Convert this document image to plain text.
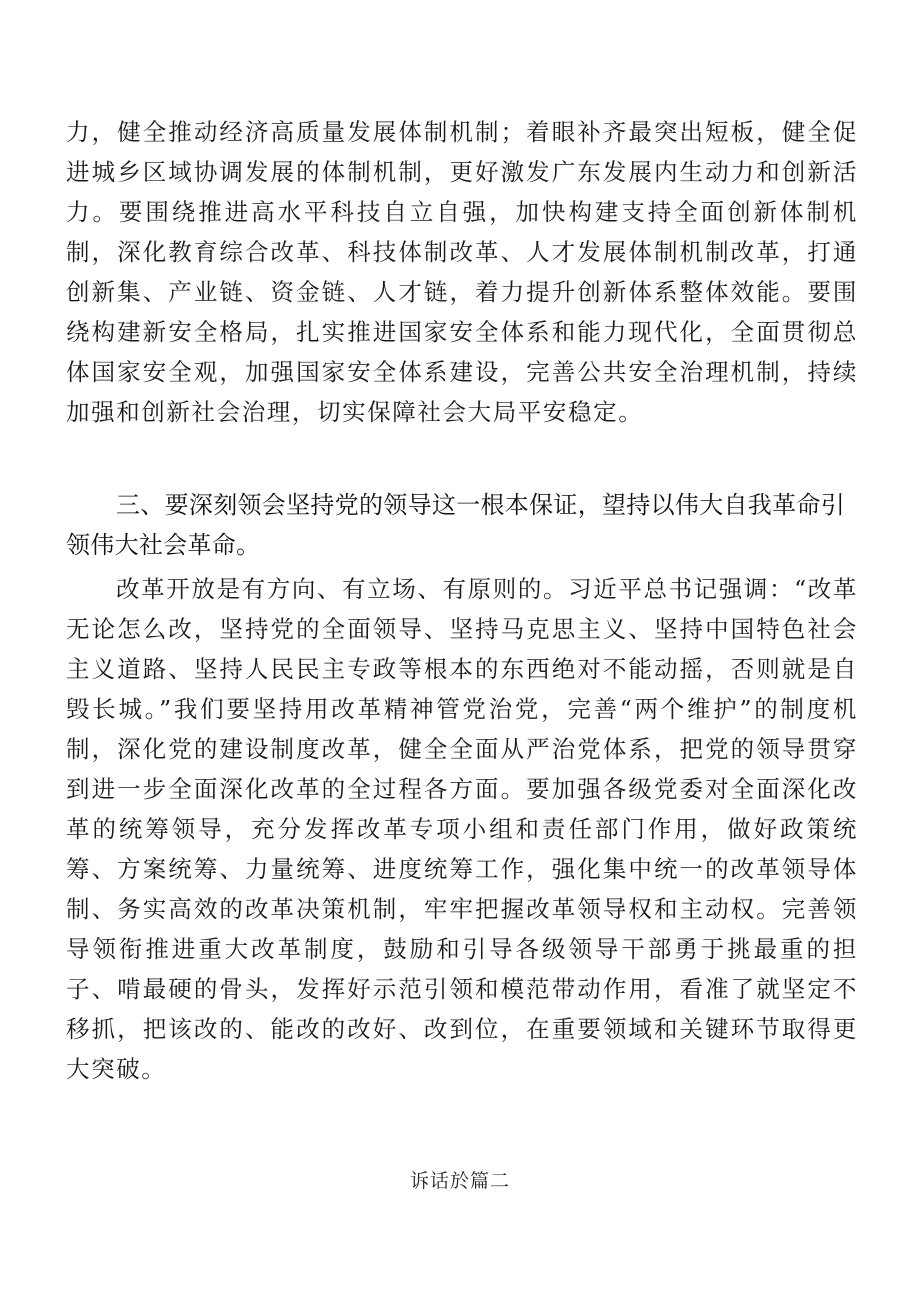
力，健全推动经济高质量发展体制机制；着眼补齐最突出短板，健全促进城乡区域协调发展的体制机制，更好激发广东发展内生动力和创新活力。要围绕推进高水平科技自立自强，加快构建支持全面创新体制机制，深化教育综合改革、科技体制改革、人才发展体制机制改革，打通创新集、产业链、资金链、人才链，着力提升创新体系整体效能。要围绕构建新安全格局，扎实推进国家安全体系和能力现代化，全面贯彻总体国家安全观，加强国家安全体系建设，完善公共安全治理机制，持续加强和创新社会治理，切实保障社会大局平安稳定。

三、要深刻领会坚持党的领导这一根本保证，望持以伟大自我革命引领伟大社会革命。

改革开放是有方向、有立场、有原则的。习近平总书记强调：“改革无论怎么改，坚持党的全面领导、坚持马克思主义、坚持中国特色社会主义道路、坚持人民民主专政等根本的东西绝对不能动摇，否则就是自毁长城。”我们要坚持用改革精神管党治党，完善“两个维护”的制度机制，深化党的建设制度改革，健全全面从严治党体系，把党的领导贯穿到进一步全面深化改革的全过程各方面。要加强各级党委对全面深化改革的统筹领导，充分发挥改革专项小组和责任部门作用，做好政策统筹、方案统筹、力量统筹、进度统筹工作，强化集中统一的改革领导体制、务实高效的改革决策机制，牢牢把握改革领导权和主动权。完善领导领衔推进重大改革制度，鼓励和引导各级领导干部勇于挑最重的担子、啃最硬的骨头，发挥好示范引领和模范带动作用，看准了就坚定不移抓，把该改的、能改的改好、改到位，在重要领域和关键环节取得更大突破。

诉话於篇二
